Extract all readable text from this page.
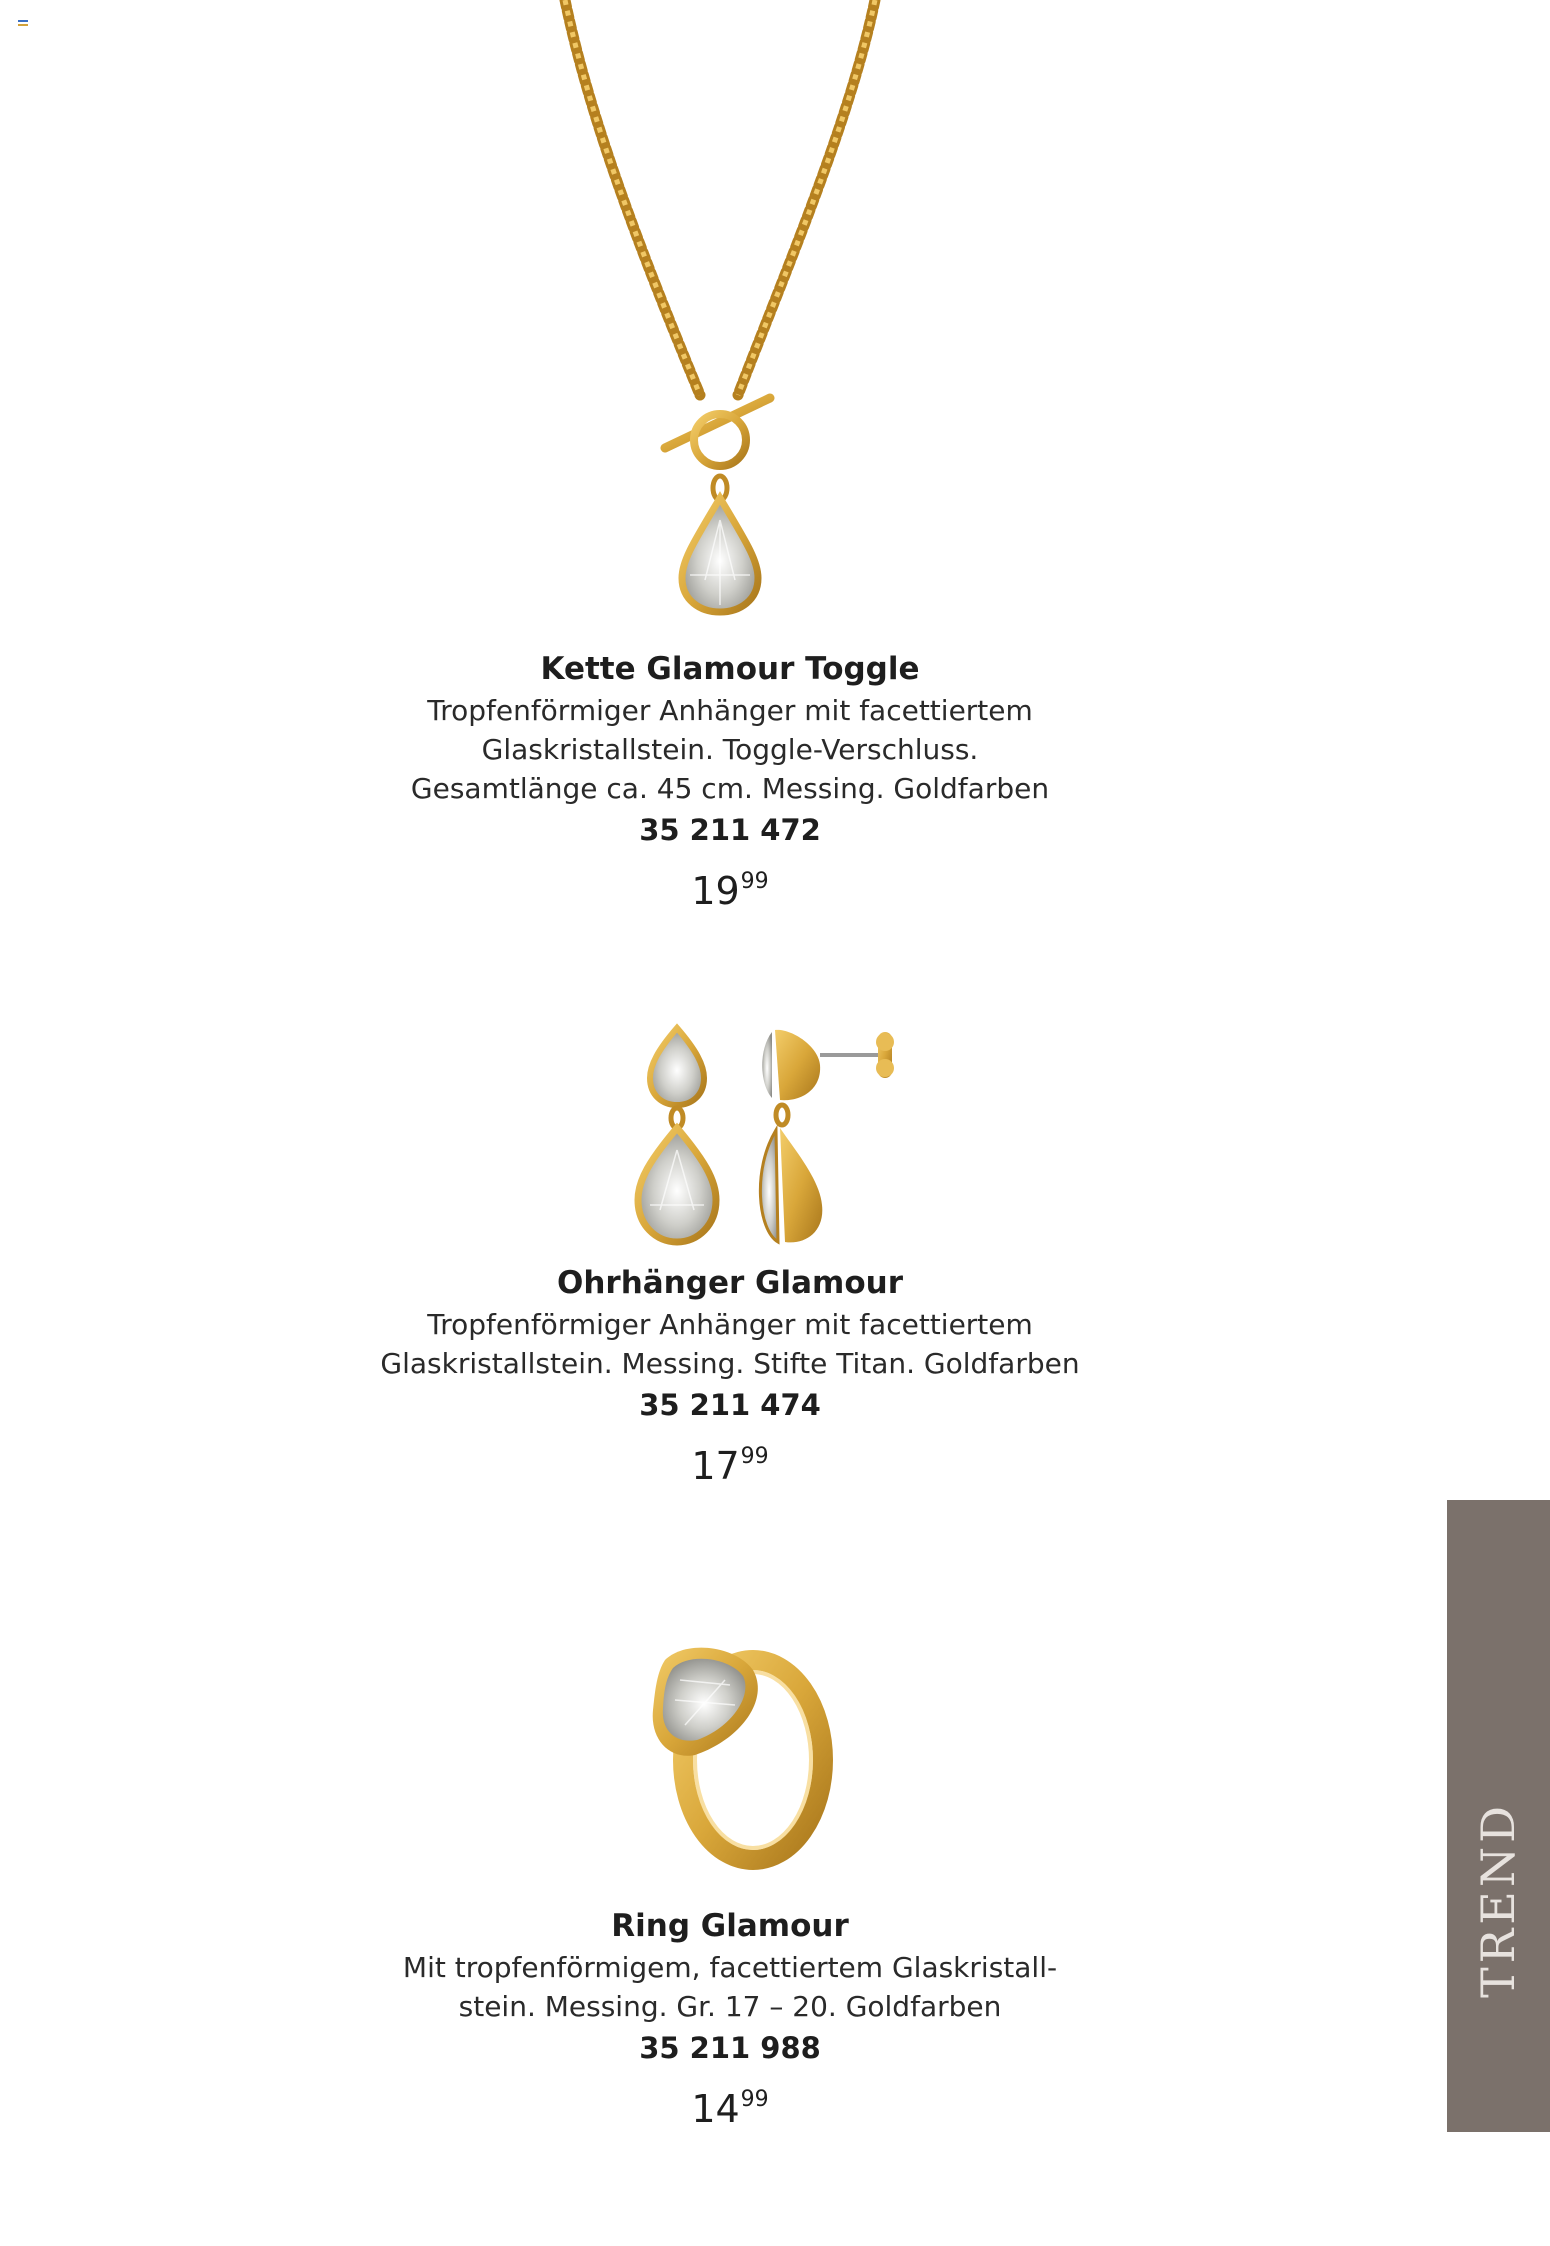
Kette Glamour Toggle
Tropfenförmiger Anhänger mit facettiertem
Glaskristallstein. Toggle-Verschluss.
Gesamtlänge ca. 45 cm. Messing. Goldfarben
35 211 472
$19^{99}$
Ohrhänger Glamour
Tropfenförmiger Anhänger mit facettiertem
Glaskristallstein. Messing. Stifte Titan. Goldfarben
35 211 474
$17^{99}$
Ring Glamour
Mit tropfenförmigem, facettiertem Glaskristall-
stein. Messing. Gr. 17 – 20. Goldfarben
35 211 988
$14^{99}$
TREND
